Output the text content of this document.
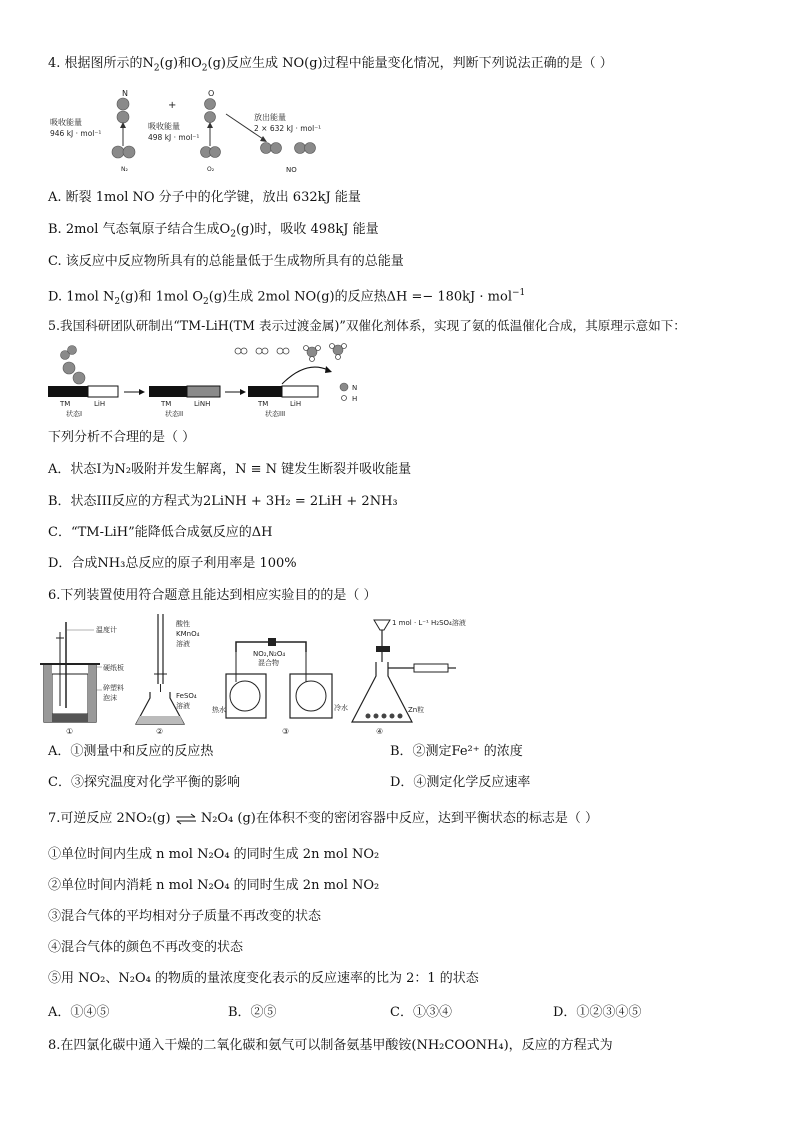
4. 根据图所示的$N_2(g)$和$O_2(g)$反应生成 NO(g)过程中能量变化情况，判断下列说法正确的是（ ）
N
N₂
吸收能量
946 kJ · mol⁻¹
+
O
O₂
吸收能量
498 kJ · mol⁻¹
放出能量
2 × 632 kJ · mol⁻¹
NO
A. 断裂 1mol NO 分子中的化学键，放出 632kJ 能量
B. 2mol 气态氧原子结合生成$O_2(g)$时，吸收 498kJ 能量
C. 该反应中反应物所具有的总能量低于生成物所具有的总能量
D. 1mol $N_2(g)$和 1mol $O_2(g)$生成 2mol NO(g)的反应热ΔH =− 180kJ · mol$^{-1}$
5.我国科研团队研制出“TM-LiH(TM 表示过渡金属)”双催化剂体系，实现了氨的低温催化合成，其原理示意如下：
TM	LiH
状态I
TM	LiNH
状态II
TM	LiH
状态III
N
H
下列分析不合理的是（ ）
A．状态I为N₂吸附并发生解离，N ≡ N 键发生断裂并吸收能量
B．状态III反应的方程式为2LiNH + 3H₂ = 2LiH + 2NH₃
C．“TM-LiH”能降低合成氨反应的ΔH
D．合成NH₃总反应的原子利用率是 100%
6.下列装置使用符合题意且能达到相应实验目的的是（ ）
温度计
硬纸板
碎塑料
泡沫
①
酸性
KMnO₄
溶液
FeSO₄
溶液
②
NO₂,N₂O₄
混合物
热水	冷水
③
1 mol · L⁻¹ H₂SO₄溶液
Zn粒
④
A．①测量中和反应的反应热	B．②测定Fe²⁺ 的浓度
C．③探究温度对化学平衡的影响	D．④测定化学反应速率
7.可逆反应 2NO₂(g) ⇌ N₂O₄ (g)在体积不变的密闭容器中反应，达到平衡状态的标志是（ ）
①单位时间内生成 n mol N₂O₄ 的同时生成 2n mol NO₂
②单位时间内消耗 n mol N₂O₄ 的同时生成 2n mol NO₂
③混合气体的平均相对分子质量不再改变的状态
④混合气体的颜色不再改变的状态
⑤用 NO₂、N₂O₄ 的物质的量浓度变化表示的反应速率的比为 2：1 的状态
A．①④⑤	B．②⑤	C．①③④	D．①②③④⑤
8.在四氯化碳中通入干燥的二氧化碳和氨气可以制备氨基甲酸铵(NH₂COONH₄)，反应的方程式为
